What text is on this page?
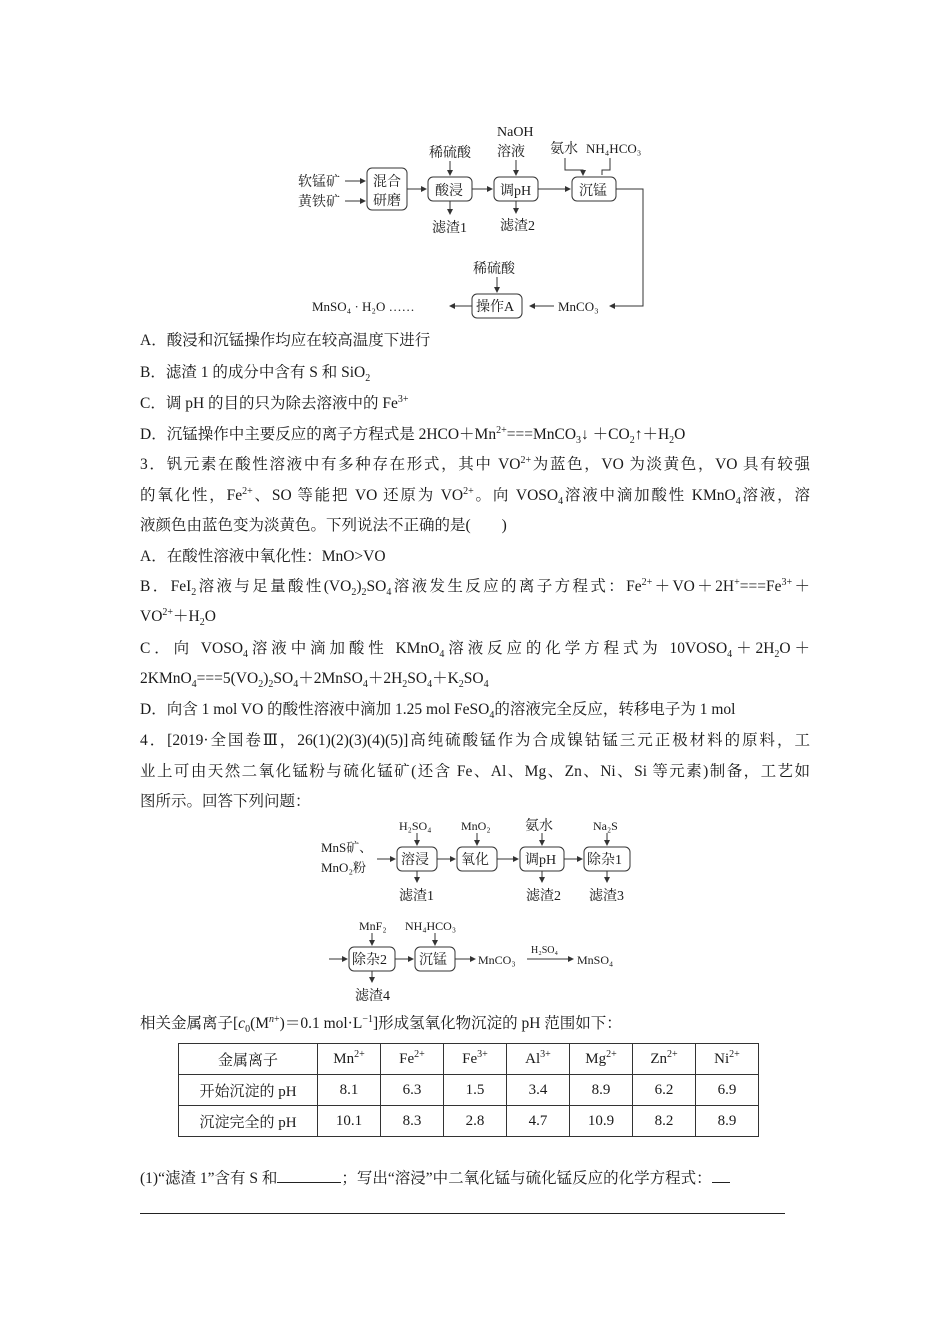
软锰矿
黄铁矿
混合
研磨
酸浸
稀硫酸
滤渣1
调pH
NaOH
溶液
滤渣2
沉锰
氨水 NH₄HCO₃
MnCO₃
操作A
稀硫酸
MnSO₄ · H₂O ……
A．酸浸和沉锰操作均应在较高温度下进行
B．滤渣 1 的成分中含有 S 和 SiO$_2$
C．调 pH 的目的只为除去溶液中的 $Fe^{3+}$
D．沉锰操作中主要反应的离子方程式是 $2HCO+Mn^{2+}===MnCO_3↓$ $+CO_2↑+H_2O$
3．钒元素在酸性溶液中有多种存在形式，其中 $VO^{2+}$为蓝色，VO 为淡黄色，VO 具有较强
的氧化性，$Fe^{2+}$、SO 等能把 VO 还原为 $VO^{2+}$。向 $VOSO_4$溶液中滴加酸性 KMnO$_4$溶液，溶
液颜色由蓝色变为淡黄色。下列说法不正确的是(　　)
A．在酸性溶液中氧化性：MnO>VO
B．FeI$_2$溶液与足量酸性$(VO_2)_2SO_4$溶液发生反应的离子方程式：$Fe^{2+}+VO+2H^+===Fe^{3+}+$
$VO^{2+}+H_2O$
C．向 $VOSO_4$溶液中滴加酸性 KMnO$_4$溶液反应的化学方程式为 $10VOSO_4+2H_2O+$
$2KMnO_4===5(VO_2)_2SO_4+2MnSO_4+2H_2SO_4+K_2SO_4$
D．向含 1 mol VO 的酸性溶液中滴加 1.25 mol FeSO$_4$的溶液完全反应，转移电子为 1 mol
4．[2019·全国卷Ⅲ，26(1)(2)(3)(4)(5)]高纯硫酸锰作为合成镍钴锰三元正极材料的原料，工
业上可由天然二氧化锰粉与硫化锰矿(还含 Fe、Al、Mg、Zn、Ni、Si 等元素)制备，工艺如
图所示。回答下列问题：
MnS矿、
MnO₂粉	溶浸
H₂SO₄
滤渣1
氧化
MnO₂
调pH
氨水
滤渣2
除杂1
Na₂S
滤渣3
除杂2
MnF₂
滤渣4
沉锰
NH₄HCO₃
MnCO₃
H₂SO₄
MnSO₄
相关金属离子[$c_0(M^{n+})=0.1$ $mol\cdot L^{-1}$]形成氢氧化物沉淀的 pH 范围如下：
金属离子	$Mn^{2+}$	$Fe^{2+}$	$Fe^{3+}$	$Al^{3+}$	$Mg^{2+}$	$Zn^{2+}$	$Ni^{2+}$
开始沉淀的 pH	8.1	6.3	1.5	3.4	8.9	6.2	6.9
沉淀完全的 pH	10.1	8.3	2.8	4.7	10.9	8.2	8.9
(1)“滤渣 1”含有 S 和	；写出“溶浸”中二氧化锰与硫化锰反应的化学方程式：
